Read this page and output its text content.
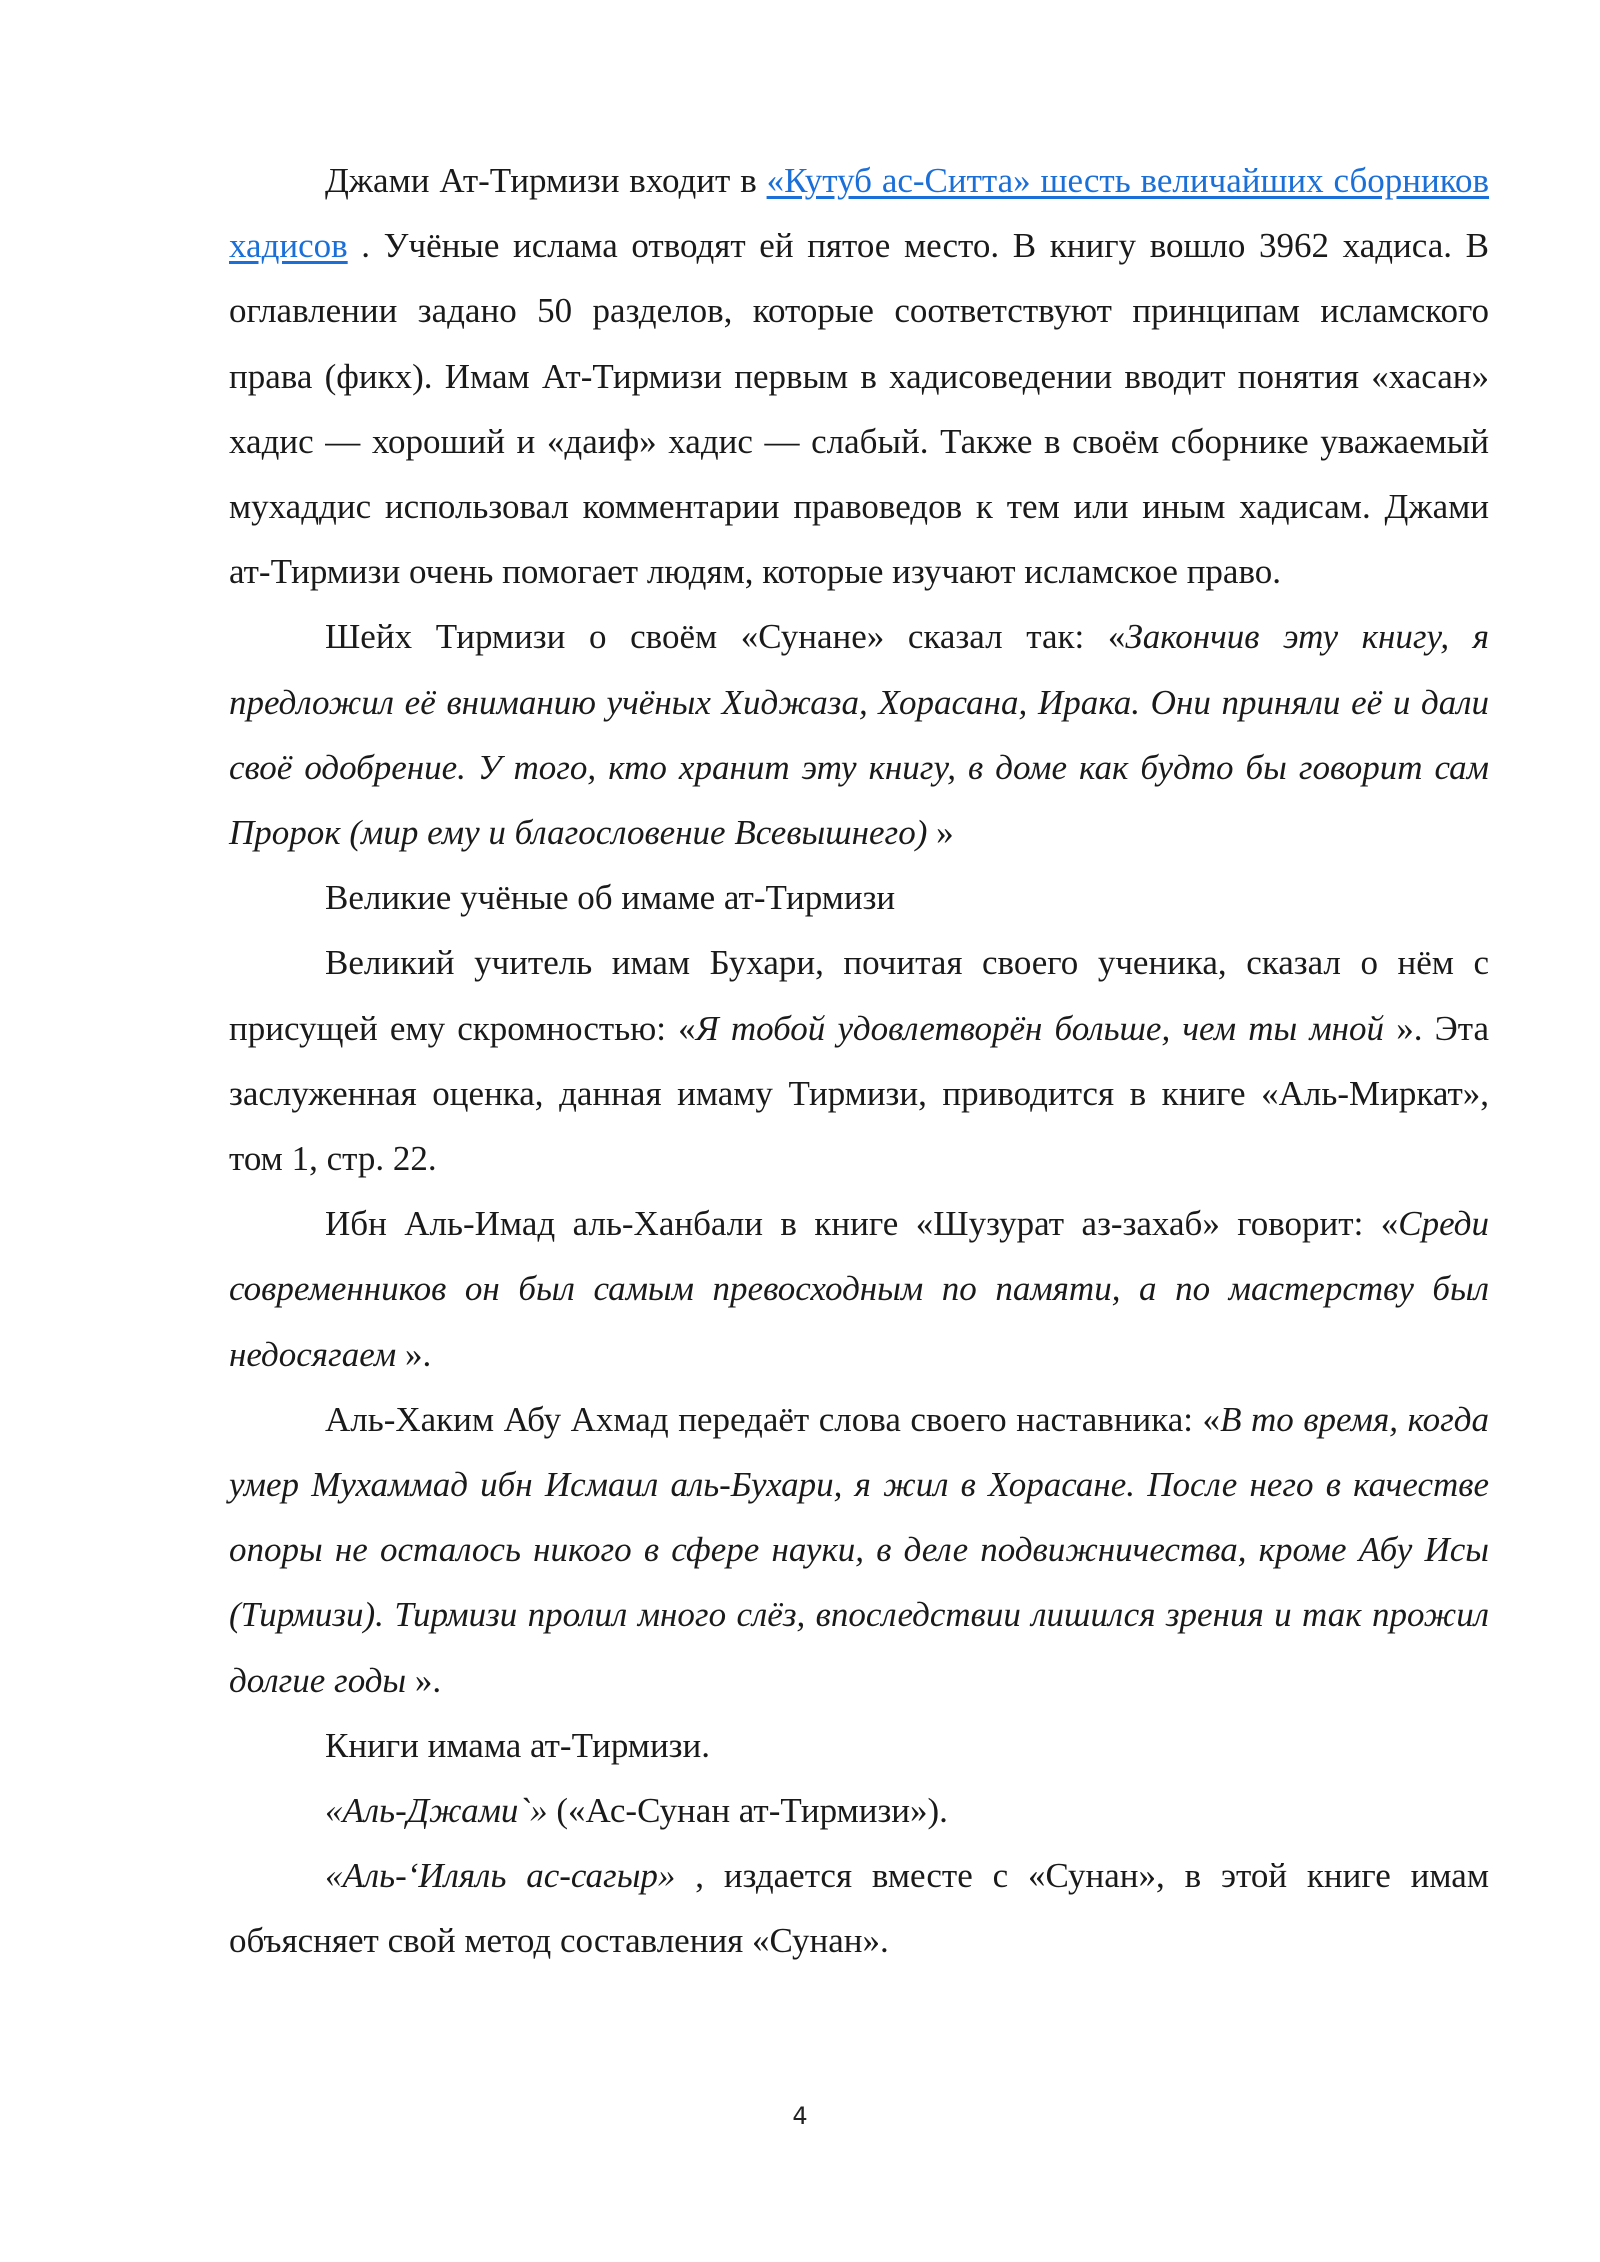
Джами Ат-Тирмизи входит в «Кутуб ас-Ситта» шесть величайших сборников хадисов . Учёные ислама отводят ей пятое место. В книгу вошло 3962 хадиса. В оглавлении задано 50 разделов, которые соответствуют принципам исламского права (фикх). Имам Ат-Тирмизи первым в хадисоведении вводит понятия «хасан» хадис — хороший и «даиф» хадис — слабый. Также в своём сборнике уважаемый мухаддис использовал комментарии правоведов к тем или иным хадисам. Джами ат-Тирмизи очень помогает людям, которые изучают исламское право.

Шейх Тирмизи о своём «Сунане» сказал так: «Закончив эту книгу, я предложил её вниманию учёных Хиджаза, Хорасана, Ирака. Они приняли её и дали своё одобрение. У того, кто хранит эту книгу, в доме как будто бы говорит сам Пророк (мир ему и благословение Всевышнего) »

Великие учёные об имаме ат-Тирмизи

Великий учитель имам Бухари, почитая своего ученика, сказал о нём с присущей ему скромностью: «Я тобой удовлетворён больше, чем ты мной ». Эта заслуженная оценка, данная имаму Тирмизи, приводится в книге «Аль-Миркат», том 1, стр. 22.

Ибн Аль-Имад аль-Ханбали в книге «Шузурат аз-захаб» говорит: «Среди современников он был самым превосходным по памяти, а по мастерству был недосягаем ».

Аль-Хаким Абу Ахмад передаёт слова своего наставника: «В то время, когда умер Мухаммад ибн Исмаил аль-Бухари, я жил в Хорасане. После него в качестве опоры не осталось никого в сфере науки, в деле подвижничества, кроме Абу Исы (Тирмизи). Тирмизи пролил много слёз, впоследствии лишился зрения и так прожил долгие годы ».

Книги имама ат-Тирмизи.

«Аль-Джами`» («Ас-Сунан ат-Тирмизи»).

«Аль-‘Иляль ас-сагыр» , издается вместе с «Сунан», в этой книге имам объясняет свой метод составления «Сунан».

4
